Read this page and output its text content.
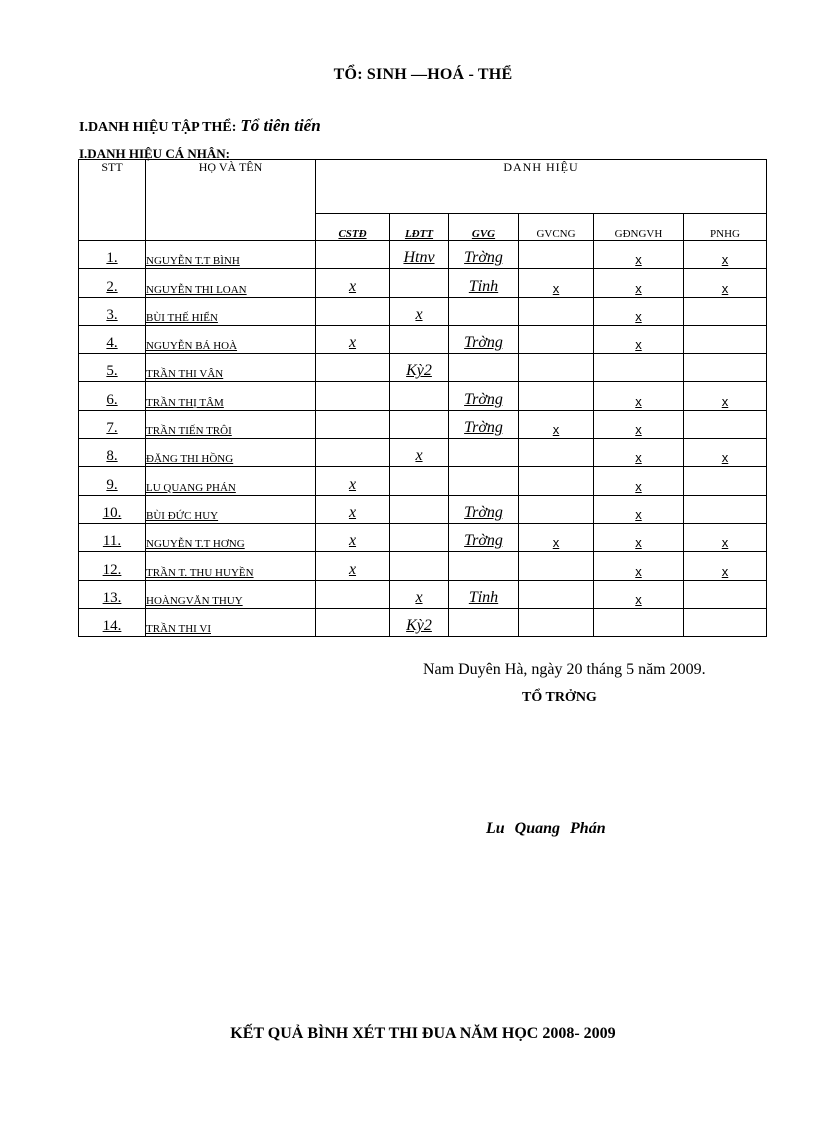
TỔ: SINH —HOÁ - THỂ
I.DANH HIỆU TẬP THỂ: Tổ tiên tiến
I.DANH HIỆU CÁ NHÂN:
STT	HỌ VÀ TÊN	DANH HIỆU					
		CSTĐ	LĐTT	GVG	GVCNG	GĐNGVH	PNHG
1.	NGUYỄN T.T BÌNH		Htnv	Trờng		x	x
2.	NGUYỄN THI LOAN	x		Tỉnh	x	x	x
3.	BÙI THẾ HIỂN		x			x	
4.	NGUYỄN BÁ HOÀ	x		Trờng		x	
5.	TRẦN THI VÂN		Kỳ2				
6.	TRẦN THỊ TÂM			Trờng		x	x
7.	TRẦN TIẾN TRÔI			Trờng	x	x	
8.	ĐẶNG THI HỒNG		x			x	x
9.	LU QUANG PHÁN	x				x	
10.	BÙI ĐỨC HUY	x		Trờng		x	
11.	NGUYỄN T.T HƠNG	x		Trờng	x	x	x
12.	TRẦN T. THU HUYỀN	x				x	x
13.	HOÀNGVĂN THUY		x	Tỉnh		x	
14.	TRẦN THI VI		Kỳ2				
Nam Duyên Hà, ngày 20 tháng 5 năm 2009.
TỔ TRỞNG
Lu Quang Phán
KẾT QUẢ BÌNH XÉT THI ĐUA NĂM HỌC 2008- 2009
